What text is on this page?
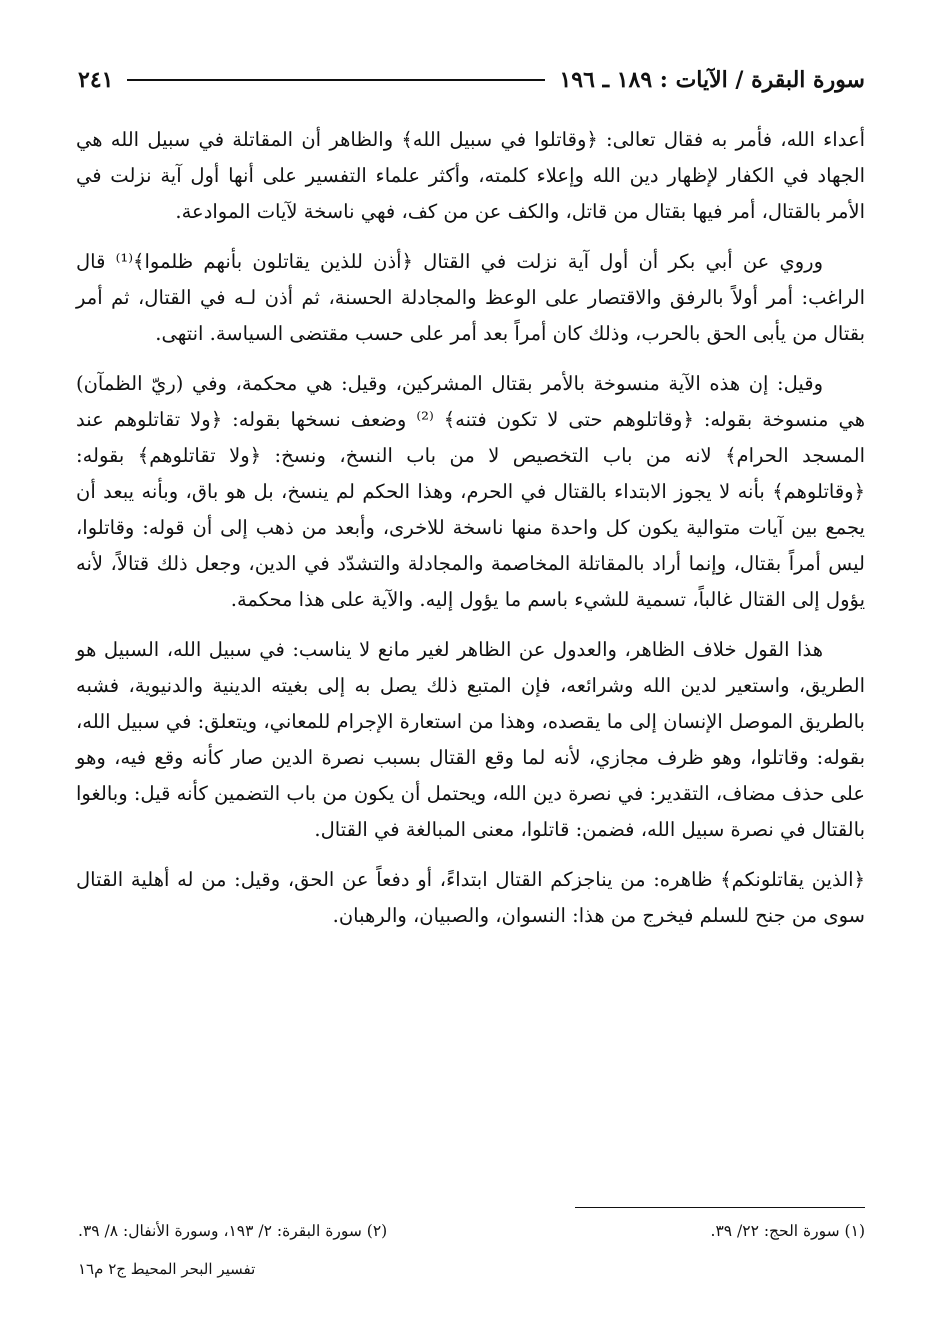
سورة البقرة / الآيات : ١٨٩ ـ ١٩٦
٢٤١

أعداء الله، فأمر به فقال تعالى: ﴿وقاتلوا في سبيل الله﴾ والظاهر أن المقاتلة في سبيل الله هي الجهاد في الكفار لإظهار دين الله وإعلاء كلمته، وأكثر علماء التفسير على أنها أول آية نزلت في الأمر بالقتال، أمر فيها بقتال من قاتل، والكف عن من كف، فهي ناسخة لآيات الموادعة.

وروي عن أبي بكر أن أول آية نزلت في القتال ﴿أذن للذين يقاتلون بأنهم ظلموا﴾⁽¹⁾ قال الراغب: أمر أولاً بالرفق والاقتصار على الوعظ والمجادلة الحسنة، ثم أذن لـه في القتال، ثم أمر بقتال من يأبى الحق بالحرب، وذلك كان أمراً بعد أمر على حسب مقتضى السياسة. انتهى.

وقيل: إن هذه الآية منسوخة بالأمر بقتال المشركين، وقيل: هي محكمة، وفي (ريّ الظمآن) هي منسوخة بقوله: ﴿وقاتلوهم حتى لا تكون فتنه﴾ ⁽²⁾ وضعف نسخها بقوله: ﴿ولا تقاتلوهم عند المسجد الحرام﴾ لانه من باب التخصيص لا من باب النسخ، ونسخ: ﴿ولا تقاتلوهم﴾ بقوله: ﴿وقاتلوهم﴾ بأنه لا يجوز الابتداء بالقتال في الحرم، وهذا الحكم لم ينسخ، بل هو باق، وبأنه يبعد أن يجمع بين آيات متوالية يكون كل واحدة منها ناسخة للاخرى، وأبعد من ذهب إلى أن قوله: وقاتلوا، ليس أمراً بقتال، وإنما أراد بالمقاتلة المخاصمة والمجادلة والتشدّد في الدين، وجعل ذلك قتالاً، لأنه يؤول إلى القتال غالباً، تسمية للشيء باسم ما يؤول إليه. والآية على هذا محكمة.

هذا القول خلاف الظاهر، والعدول عن الظاهر لغير مانع لا يناسب: في سبيل الله، السبيل هو الطريق، واستعير لدين الله وشرائعه، فإن المتبع ذلك يصل به إلى بغيته الدينية والدنيوية، فشبه بالطريق الموصل الإنسان إلى ما يقصده، وهذا من استعارة الإجرام للمعاني، ويتعلق: في سبيل الله، بقوله: وقاتلوا، وهو ظرف مجازي، لأنه لما وقع القتال بسبب نصرة الدين صار كأنه وقع فيه، وهو على حذف مضاف، التقدير: في نصرة دين الله، ويحتمل أن يكون من باب التضمين كأنه قيل: وبالغوا بالقتال في نصرة سبيل الله، فضمن: قاتلوا، معنى المبالغة في القتال.

﴿الذين يقاتلونكم﴾ ظاهره: من يناجزكم القتال ابتداءً، أو دفعاً عن الحق، وقيل: من له أهلية القتال سوى من جنح للسلم فيخرج من هذا: النسوان، والصبيان، والرهبان.

(١) سورة الحج: ٢٢/ ٣٩.
(٢) سورة البقرة: ٢/ ١٩٣، وسورة الأنفال: ٨/ ٣٩.
تفسير البحر المحيط ج٢ م١٦
